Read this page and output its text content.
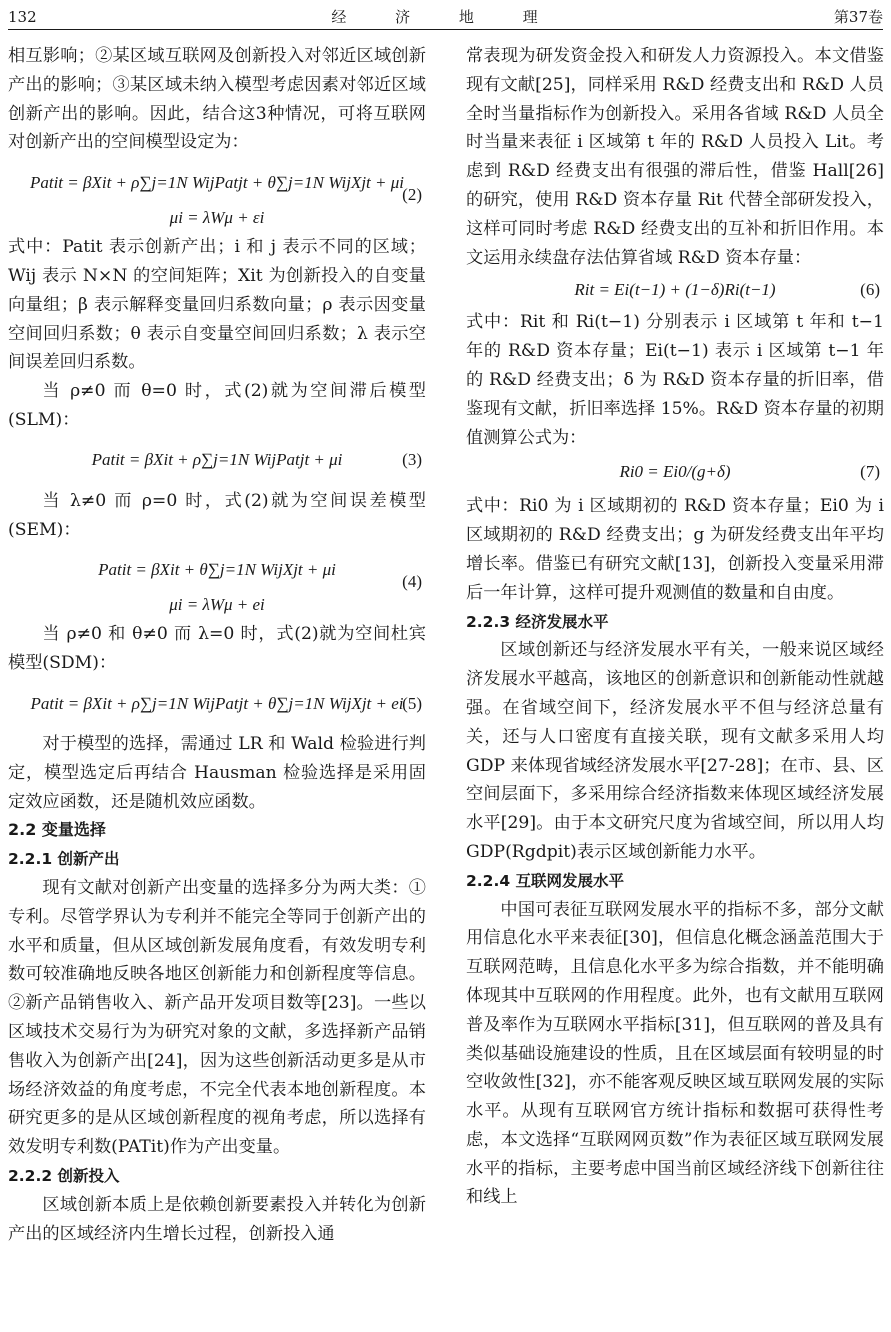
132	经 济 地 理	第37卷

相互影响；②某区域互联网及创新投入对邻近区域创新产出的影响；③某区域未纳入模型考虑因素对邻近区域创新产出的影响。因此，结合这3种情况，可将互联网对创新产出的空间模型设定为：

Patit = βXit + ρ∑j=1N WijPatjt + θ∑j=1N WijXjt + μi
μi = λWμ + εi
(2)

式中：Patit 表示创新产出；i 和 j 表示不同的区域；Wij 表示 N×N 的空间矩阵；Xit 为创新投入的自变量向量组；β 表示解释变量回归系数向量；ρ 表示因变量空间回归系数；θ 表示自变量空间回归系数；λ 表示空间误差回归系数。

当 ρ≠0 而 θ=0 时，式(2)就为空间滞后模型(SLM)：

Patit = βXit + ρ∑j=1N WijPatjt + μi	(3)

当 λ≠0 而 ρ=0 时，式(2)就为空间误差模型(SEM)：

Patit = βXit + θ∑j=1N WijXjt + μi
μi = λWμ + ei
(4)

当 ρ≠0 和 θ≠0 而 λ=0 时，式(2)就为空间杜宾模型(SDM)：

Patit = βXit + ρ∑j=1N WijPatjt + θ∑j=1N WijXjt + ei
(5)

对于模型的选择，需通过 LR 和 Wald 检验进行判定，模型选定后再结合 Hausman 检验选择是采用固定效应函数，还是随机效应函数。

2.2 变量选择

2.2.1 创新产出

现有文献对创新产出变量的选择多分为两大类：①专利。尽管学界认为专利并不能完全等同于创新产出的水平和质量，但从区域创新发展角度看，有效发明专利数可较准确地反映各地区创新能力和创新程度等信息。②新产品销售收入、新产品开发项目数等[23]。一些以区域技术交易行为为研究对象的文献，多选择新产品销售收入为创新产出[24]，因为这些创新活动更多是从市场经济效益的角度考虑，不完全代表本地创新程度。本研究更多的是从区域创新程度的视角考虑，所以选择有效发明专利数(PATit)作为产出变量。

2.2.2 创新投入

区域创新本质上是依赖创新要素投入并转化为创新产出的区域经济内生增长过程，创新投入通

常表现为研发资金投入和研发人力资源投入。本文借鉴现有文献[25]，同样采用 R&D 经费支出和 R&D 人员全时当量指标作为创新投入。采用各省域 R&D 人员全时当量来表征 i 区域第 t 年的 R&D 人员投入 Lit。考虑到 R&D 经费支出有很强的滞后性，借鉴 Hall[26] 的研究，使用 R&D 资本存量 Rit 代替全部研发投入，这样可同时考虑 R&D 经费支出的互补和折旧作用。本文运用永续盘存法估算省域 R&D 资本存量：

Rit = Ei(t−1) + (1−δ)Ri(t−1)	(6)

式中：Rit 和 Ri(t−1) 分别表示 i 区域第 t 年和 t−1 年的 R&D 资本存量；Ei(t−1) 表示 i 区域第 t−1 年的 R&D 经费支出；δ 为 R&D 资本存量的折旧率，借鉴现有文献，折旧率选择 15%。R&D 资本存量的初期值测算公式为：

Ri0 = Ei0/(g+δ)	(7)

式中：Ri0 为 i 区域期初的 R&D 资本存量；Ei0 为 i 区域期初的 R&D 经费支出；g 为研发经费支出年平均增长率。借鉴已有研究文献[13]，创新投入变量采用滞后一年计算，这样可提升观测值的数量和自由度。

2.2.3 经济发展水平

区域创新还与经济发展水平有关，一般来说区域经济发展水平越高，该地区的创新意识和创新能动性就越强。在省域空间下，经济发展水平不但与经济总量有关，还与人口密度有直接关联，现有文献多采用人均 GDP 来体现省域经济发展水平[27-28]；在市、县、区空间层面下，多采用综合经济指数来体现区域经济发展水平[29]。由于本文研究尺度为省域空间，所以用人均 GDP(Rgdpit)表示区域创新能力水平。

2.2.4 互联网发展水平

中国可表征互联网发展水平的指标不多，部分文献用信息化水平来表征[30]，但信息化概念涵盖范围大于互联网范畴，且信息化水平多为综合指数，并不能明确体现其中互联网的作用程度。此外，也有文献用互联网普及率作为互联网水平指标[31]，但互联网的普及具有类似基础设施建设的性质，且在区域层面有较明显的时空收敛性[32]，亦不能客观反映区域互联网发展的实际水平。从现有互联网官方统计指标和数据可获得性考虑，本文选择“互联网网页数”作为表征区域互联网发展水平的指标，主要考虑中国当前区域经济线下创新往往和线上
